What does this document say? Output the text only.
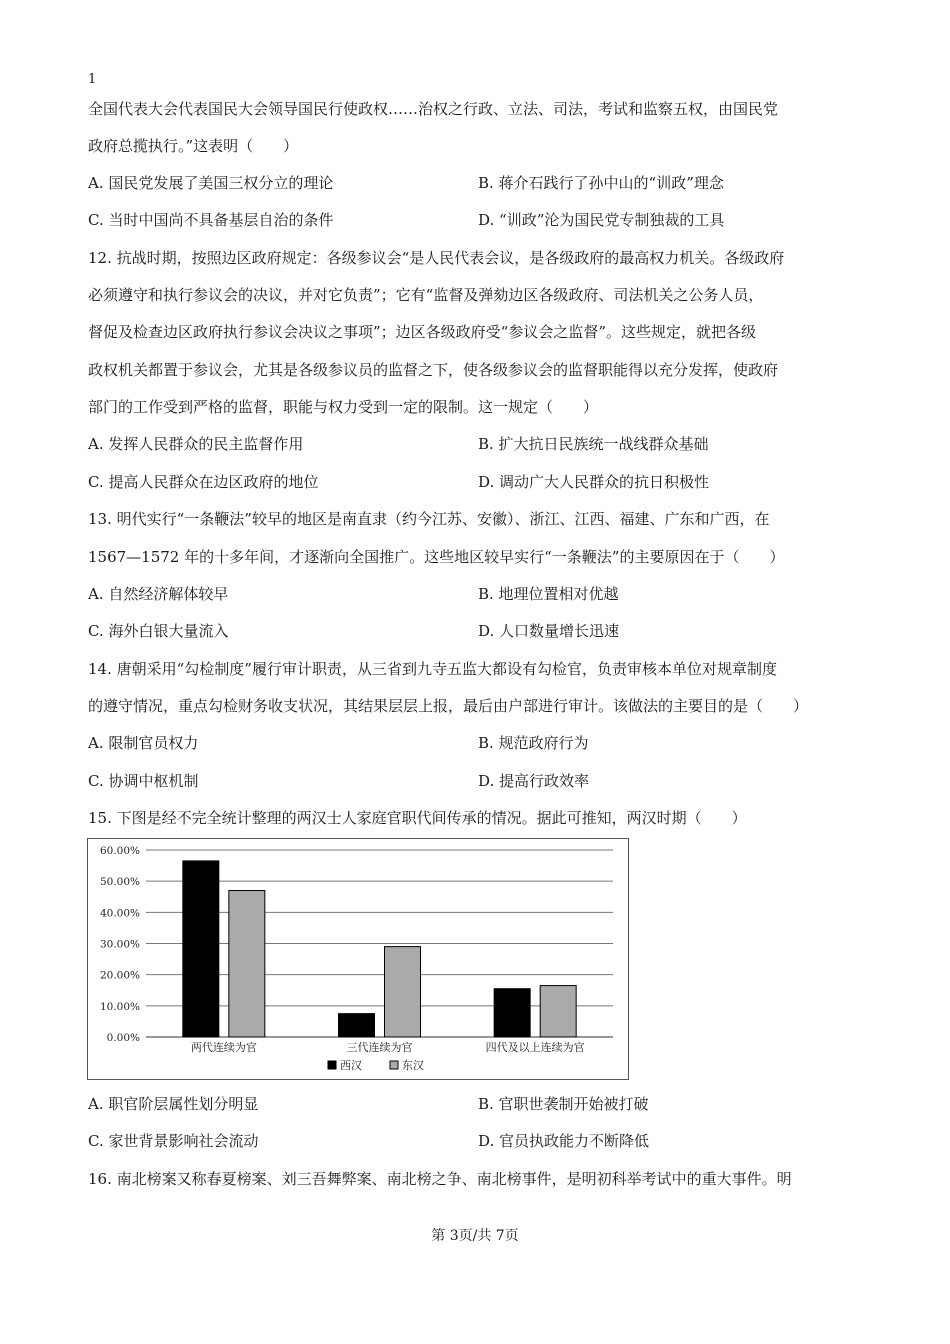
1
全国代表大会代表国民大会领导国民行使政权……治权之行政、立法、司法，考试和监察五权，由国民党
政府总揽执行。”这表明（　　）
A. 国民党发展了美国三权分立的理论	B. 蒋介石践行了孙中山的“训政”理念
C. 当时中国尚不具备基层自治的条件	D. “训政”沦为国民党专制独裁的工具
12. 抗战时期，按照边区政府规定：各级参议会“是人民代表会议，是各级政府的最高权力机关。各级政府
必须遵守和执行参议会的决议，并对它负责”；它有“监督及弹劾边区各级政府、司法机关之公务人员，
督促及检查边区政府执行参议会决议之事项”；边区各级政府受“参议会之监督”。这些规定，就把各级
政权机关都置于参议会，尤其是各级参议员的监督之下，使各级参议会的监督职能得以充分发挥，使政府
部门的工作受到严格的监督，职能与权力受到一定的限制。这一规定（　　）
A. 发挥人民群众的民主监督作用	B. 扩大抗日民族统一战线群众基础
C. 提高人民群众在边区政府的地位	D. 调动广大人民群众的抗日积极性
13. 明代实行“一条鞭法”较早的地区是南直隶（约今江苏、安徽）、浙江、江西、福建、广东和广西，在
1567—1572 年的十多年间，才逐渐向全国推广。这些地区较早实行“一条鞭法”的主要原因在于（　　）
A. 自然经济解体较早	B. 地理位置相对优越
C. 海外白银大量流入	D. 人口数量增长迅速
14. 唐朝采用“勾检制度”履行审计职责，从三省到九寺五监大都设有勾检官，负责审核本单位对规章制度
的遵守情况，重点勾检财务收支状况，其结果层层上报，最后由户部进行审计。该做法的主要目的是（　　）
A. 限制官员权力	B. 规范政府行为
C. 协调中枢机制	D. 提高行政效率
15. 下图是经不完全统计整理的两汉士人家庭官职代间传承的情况。据此可推知，两汉时期（　　）
0.00%
10.00%
20.00%
30.00%
40.00%
50.00%
60.00%
两代连续为官	三代连续为官	四代及以上连续为官
西汉	东汉
A. 职官阶层属性划分明显	B. 官职世袭制开始被打破
C. 家世背景影响社会流动	D. 官员执政能力不断降低
16. 南北榜案又称春夏榜案、刘三吾舞弊案、南北榜之争、南北榜事件，是明初科举考试中的重大事件。明
第 3页/共 7页
